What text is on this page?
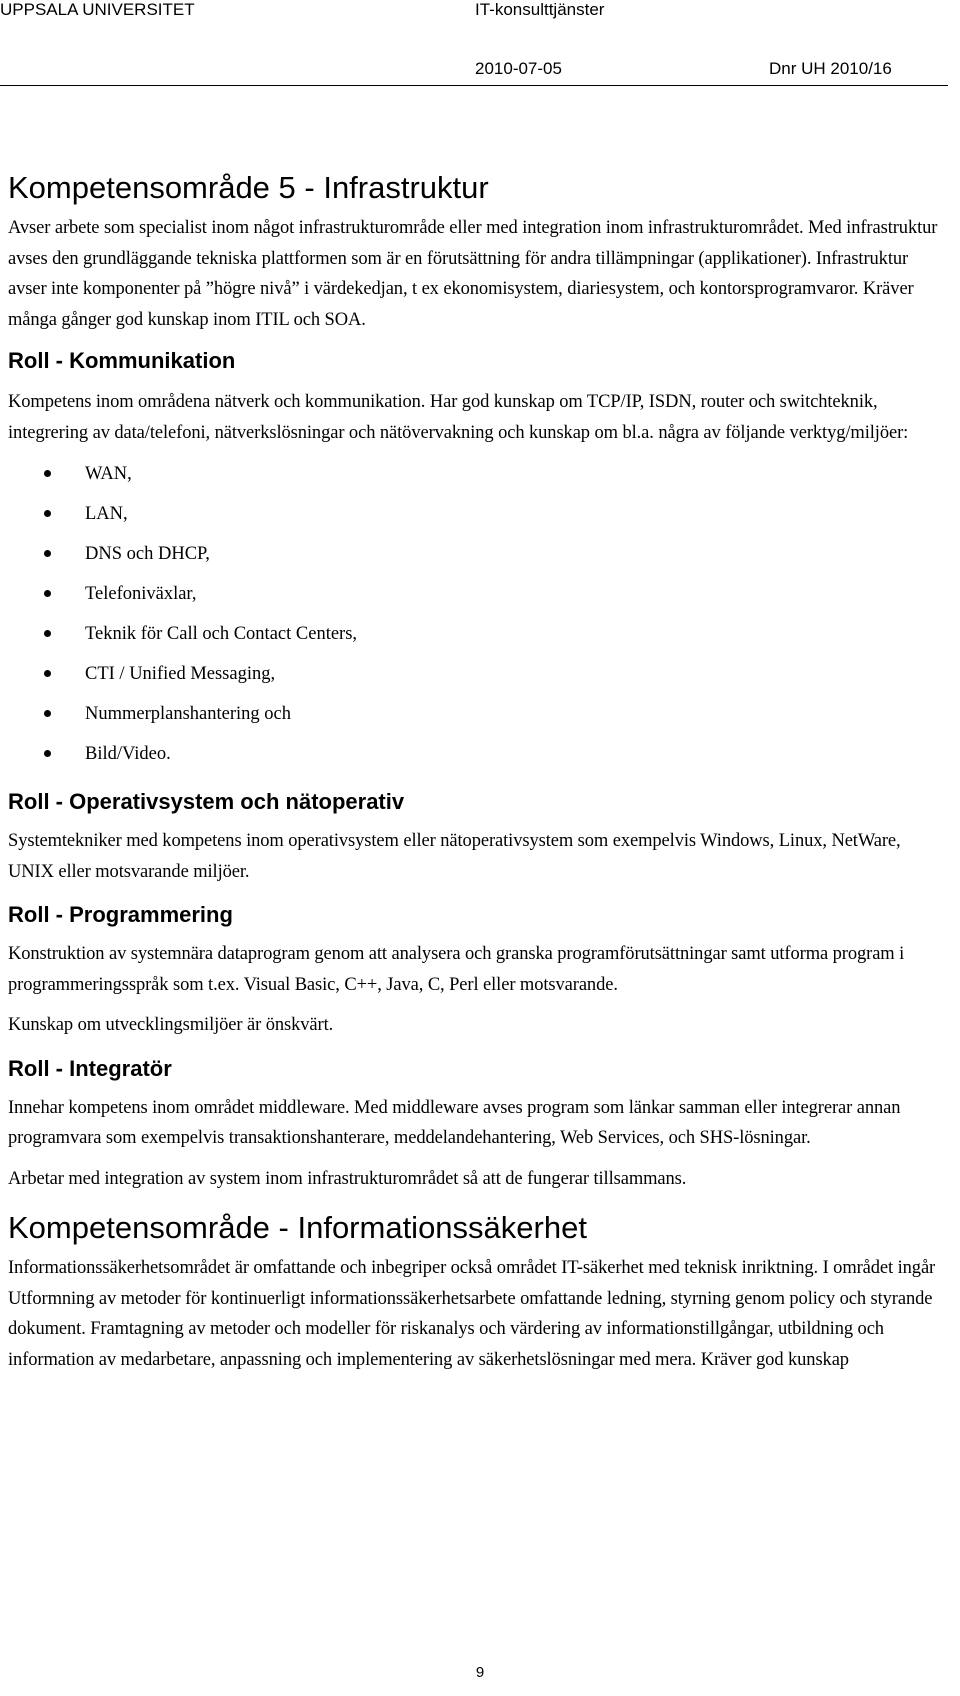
UPPSALA UNIVERSITET	IT-konsulttjänster
2010-07-05	Dnr UH 2010/16
Kompetensområde 5 - Infrastruktur

Avser arbete som specialist inom något infrastrukturområde eller med integration inom infrastrukturområdet. Med infrastruktur avses den grundläggande tekniska plattformen som är en förutsättning för andra tillämpningar (applikationer). Infrastruktur avser inte komponenter på ”högre nivå” i värdekedjan, t ex ekonomisystem, diariesystem, och kontorsprogramvaror. Kräver många gånger god kunskap inom ITIL och SOA.

Roll - Kommunikation

Kompetens inom områdena nätverk och kommunikation. Har god kunskap om TCP/IP, ISDN, router och switchteknik, integrering av data/telefoni, nätverkslösningar och nätövervakning och kunskap om bl.a. några av följande verktyg/miljöer:

WAN,
LAN,
DNS och DHCP,
Telefoniväxlar,
Teknik för Call och Contact Centers,
CTI / Unified Messaging,
Nummerplanshantering och
Bild/Video.
Roll - Operativsystem och nätoperativ

Systemtekniker med kompetens inom operativsystem eller nätoperativsystem som exempelvis Windows, Linux, NetWare, UNIX eller motsvarande miljöer.

Roll - Programmering

Konstruktion av systemnära dataprogram genom att analysera och granska programförutsättningar samt utforma program i programmeringsspråk som t.ex. Visual Basic, C++, Java, C, Perl eller motsvarande.

Kunskap om utvecklingsmiljöer är önskvärt.

Roll - Integratör

Innehar kompetens inom området middleware. Med middleware avses program som länkar samman eller integrerar annan programvara som exempelvis transaktionshanterare, meddelandehantering, Web Services, och SHS-lösningar.

Arbetar med integration av system inom infrastrukturområdet så att de fungerar tillsammans.

Kompetensområde - Informationssäkerhet

Informationssäkerhetsområdet är omfattande och inbegriper också området IT-säkerhet med teknisk inriktning. I området ingår Utformning av metoder för kontinuerligt informationssäkerhetsarbete omfattande ledning, styrning genom policy och styrande dokument. Framtagning av metoder och modeller för riskanalys och värdering av informationstillgångar, utbildning och information av medarbetare, anpassning och implementering av säkerhetslösningar med mera. Kräver god kunskap

9
